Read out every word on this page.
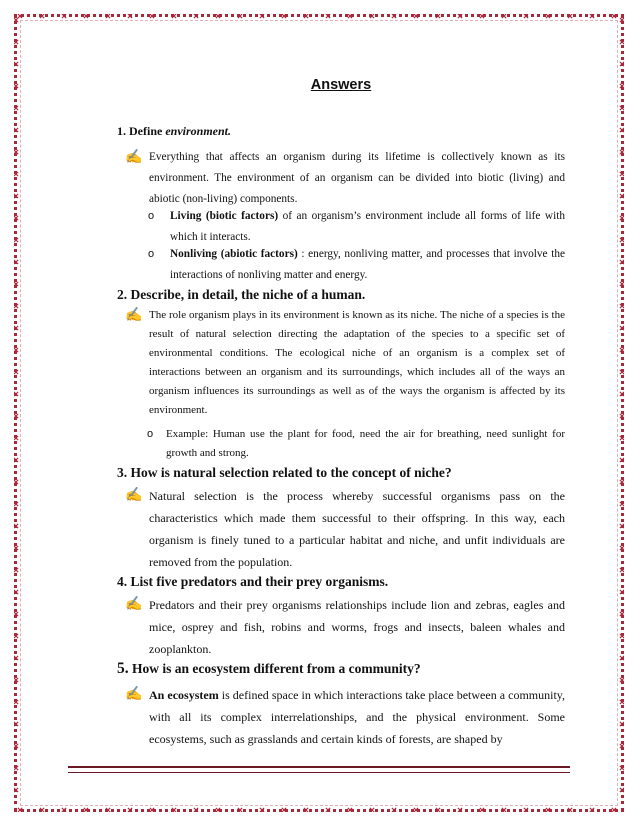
Answers
1. Define environment.
✍ Everything that affects an organism during its lifetime is collectively known as its environment. The environment of an organism can be divided into biotic (living) and abiotic (non-living) components.
o Living (biotic factors) of an organism’s environment include all forms of life with which it interacts.
o Nonliving (abiotic factors) : energy, nonliving matter, and processes that involve the interactions of nonliving matter and energy.
2. Describe, in detail, the niche of a human.
✍ The role organism plays in its environment is known as its niche. The niche of a species is the result of natural selection directing the adaptation of the species to a specific set of environmental conditions. The ecological niche of an organism is a complex set of interactions between an organism and its surroundings, which includes all of the ways an organism influences its surroundings as well as of the ways the organism is affected by its environment.
o	Example: Human use the plant for food, need the air for breathing, need sunlight for growth and strong.
3. How is natural selection related to the concept of niche?
✍ Natural selection is the process whereby successful organisms pass on the characteristics which made them successful to their offspring. In this way, each organism is finely tuned to a particular habitat and niche, and unfit individuals are removed from the population.
4. List five predators and their prey organisms.
✍ Predators and their prey organisms relationships include lion and zebras, eagles and mice, osprey and fish, robins and worms, frogs and insects, baleen whales and zooplankton.
5. How is an ecosystem different from a community?
✍ An ecosystem is defined space in which interactions take place between a community, with all its complex interrelationships, and the physical environment. Some ecosystems, such as grasslands and certain kinds of forests, are shaped by
